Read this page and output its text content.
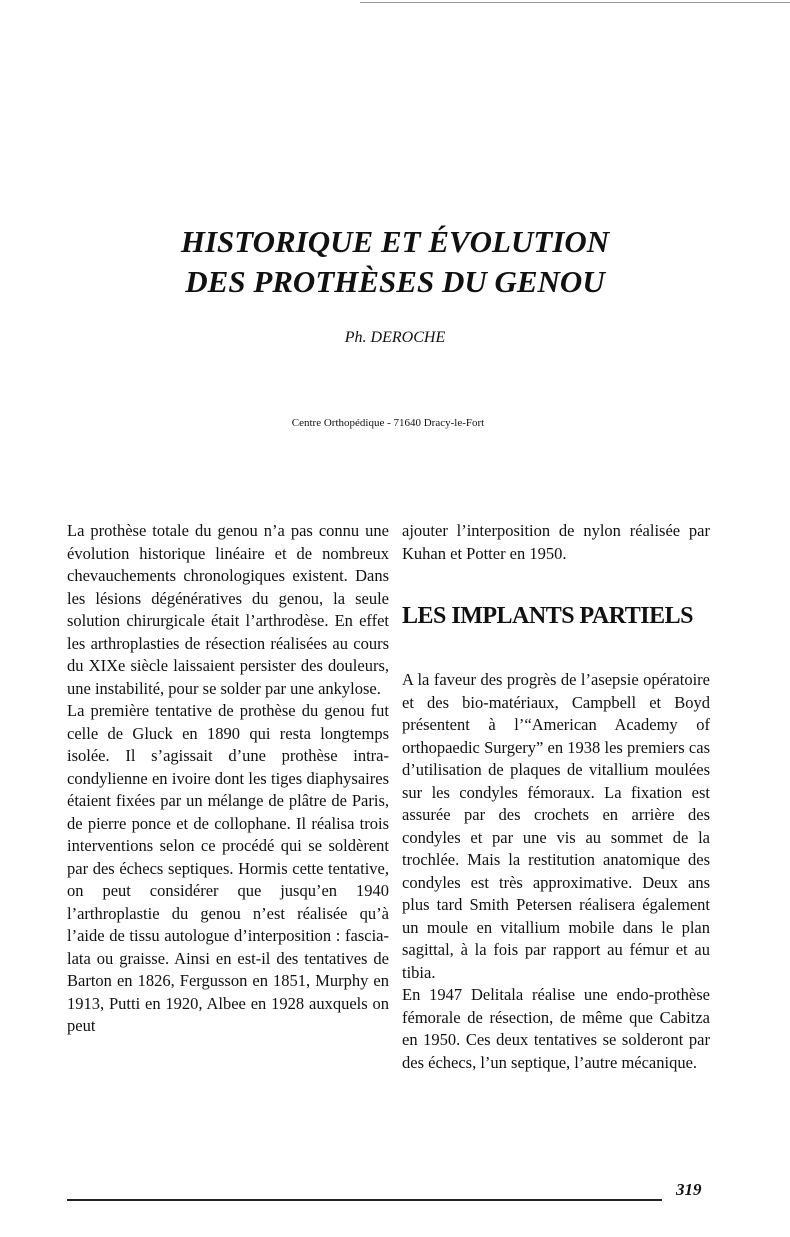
HISTORIQUE ET ÉVOLUTION
DES PROTHÈSES DU GENOU
Ph. DEROCHE
Centre Orthopédique - 71640 Dracy-le-Fort

La prothèse totale du genou n’a pas connu une évolution historique linéaire et de nombreux chevauchements chronologiques existent. Dans les lésions dégénératives du genou, la seule solution chirurgicale était l’arthrodèse. En effet les arthroplasties de résection réalisées au cours du XIXe siècle laissaient persister des douleurs, une instabilité, pour se solder par une ankylose.

La première tentative de prothèse du genou fut celle de Gluck en 1890 qui resta longtemps isolée. Il s’agissait d’une prothèse intra-condylienne en ivoire dont les tiges diaphysaires étaient fixées par un mélange de plâtre de Paris, de pierre ponce et de collophane. Il réalisa trois interventions selon ce procédé qui se soldèrent par des échecs septiques. Hormis cette tentative, on peut considérer que jusqu’en 1940 l’arthroplastie du genou n’est réalisée qu’à l’aide de tissu autologue d’interposition : fascia-lata ou graisse. Ainsi en est-il des tentatives de Barton en 1826, Fergusson en 1851, Murphy en 1913, Putti en 1920, Albee en 1928 auxquels on peut

ajouter l’interposition de nylon réalisée par Kuhan et Potter en 1950.

LES IMPLANTS PARTIELS

A la faveur des progrès de l’asepsie opératoire et des bio-matériaux, Campbell et Boyd présentent à l’“American Academy of orthopaedic Surgery” en 1938 les premiers cas d’utilisation de plaques de vitallium moulées sur les condyles fémoraux. La fixation est assurée par des crochets en arrière des condyles et par une vis au sommet de la trochlée. Mais la restitution anatomique des condyles est très approximative. Deux ans plus tard Smith Petersen réalisera également un moule en vitallium mobile dans le plan sagittal, à la fois par rapport au fémur et au tibia.

En 1947 Delitala réalise une endo-prothèse fémorale de résection, de même que Cabitza en 1950. Ces deux tentatives se solderont par des échecs, l’un septique, l’autre mécanique.

319
